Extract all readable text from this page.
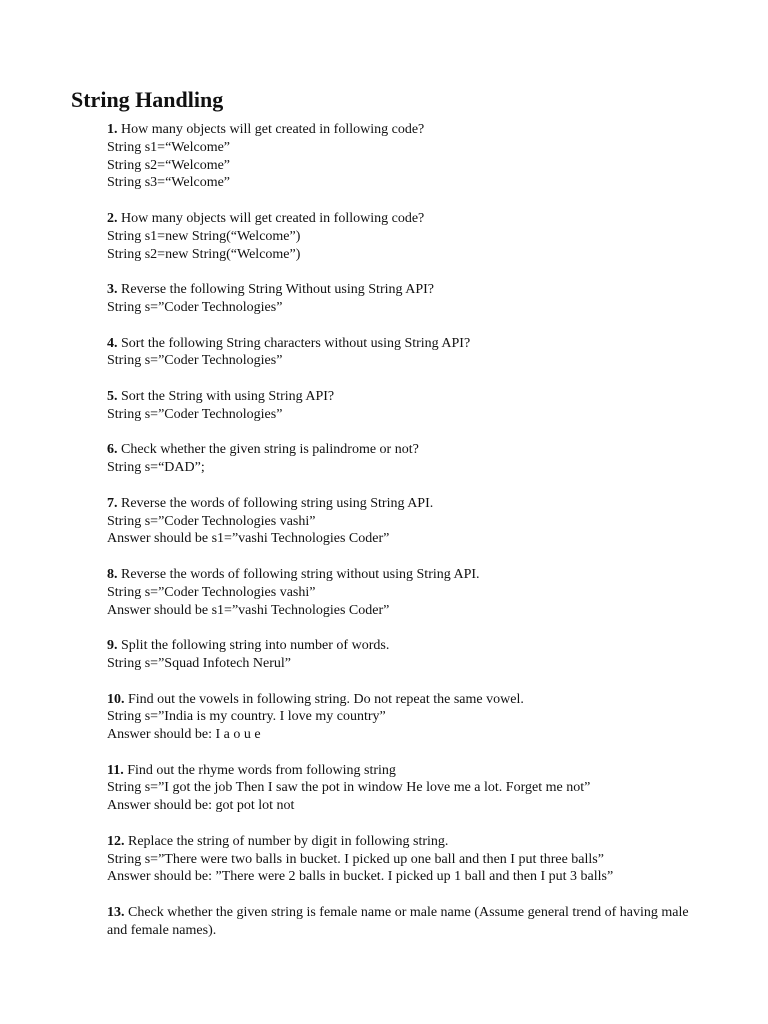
String Handling
1. How many objects will get created in following code?
String s1=“Welcome”
String s2=“Welcome”
String s3=“Welcome”
2. How many objects will get created in following code?
String s1=new String(“Welcome”)
String s2=new String(“Welcome”)
3. Reverse the following String Without using String API?
String s=”Coder Technologies”
4. Sort the following String characters without using String API?
String s=”Coder Technologies”
5. Sort the String with using String API?
String s=”Coder Technologies”
6. Check whether the given string is palindrome or not?
String s=“DAD”;
7. Reverse the words of following string using String API.
String s=”Coder Technologies vashi”
Answer should be s1=”vashi Technologies Coder”
8. Reverse the words of following string without using String API.
String s=”Coder Technologies vashi”
Answer should be s1=”vashi Technologies Coder”
9. Split the following string into number of words.
String s=”Squad Infotech Nerul”
10. Find out the vowels in following string. Do not repeat the same vowel.
String s=”India is my country. I love my country”
Answer should be: I a o u e
11. Find out the rhyme words from following string
String s=”I got the job Then I saw the pot in window He love me a lot. Forget me not”
Answer should be: got pot lot not
12. Replace the string of number by digit in following string.
String s=”There were two balls in bucket. I picked up one ball and then I put three balls”
Answer should be: ”There were 2 balls in bucket. I picked up 1 ball and then I put 3 balls”
13. Check whether the given string is female name or male name (Assume general trend of having male and female names).
